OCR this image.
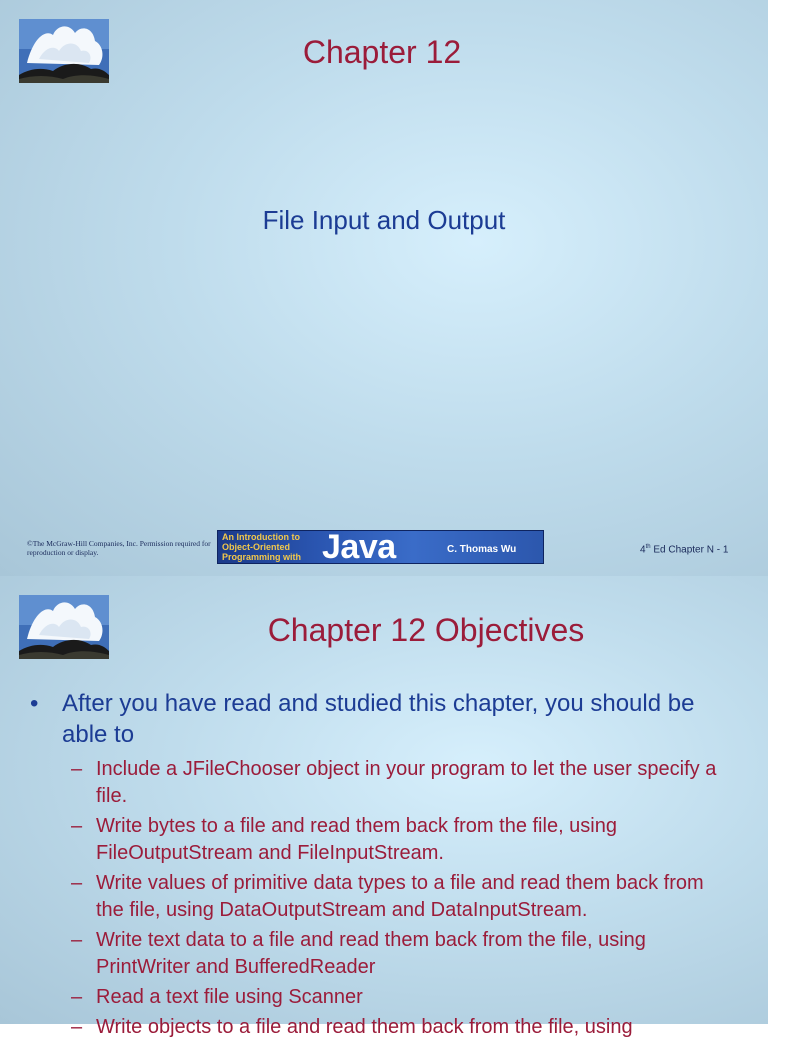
Chapter 12
File Input and Output
©The McGraw-Hill Companies, Inc. Permission required for reproduction or display.
An Introduction to Object-Oriented Programming with Java	C. Thomas Wu	4th Ed Chapter N - 1
Chapter 12 Objectives
• After you have read and studied this chapter, you should be able to
– Include a JFileChooser object in your program to let the user specify a file.
– Write bytes to a file and read them back from the file, using FileOutputStream and FileInputStream.
– Write values of primitive data types to a file and read them back from the file, using DataOutputStream and DataInputStream.
– Write text data to a file and read them back from the file, using PrintWriter and BufferedReader
– Read a text file using Scanner
– Write objects to a file and read them back from the file, using
